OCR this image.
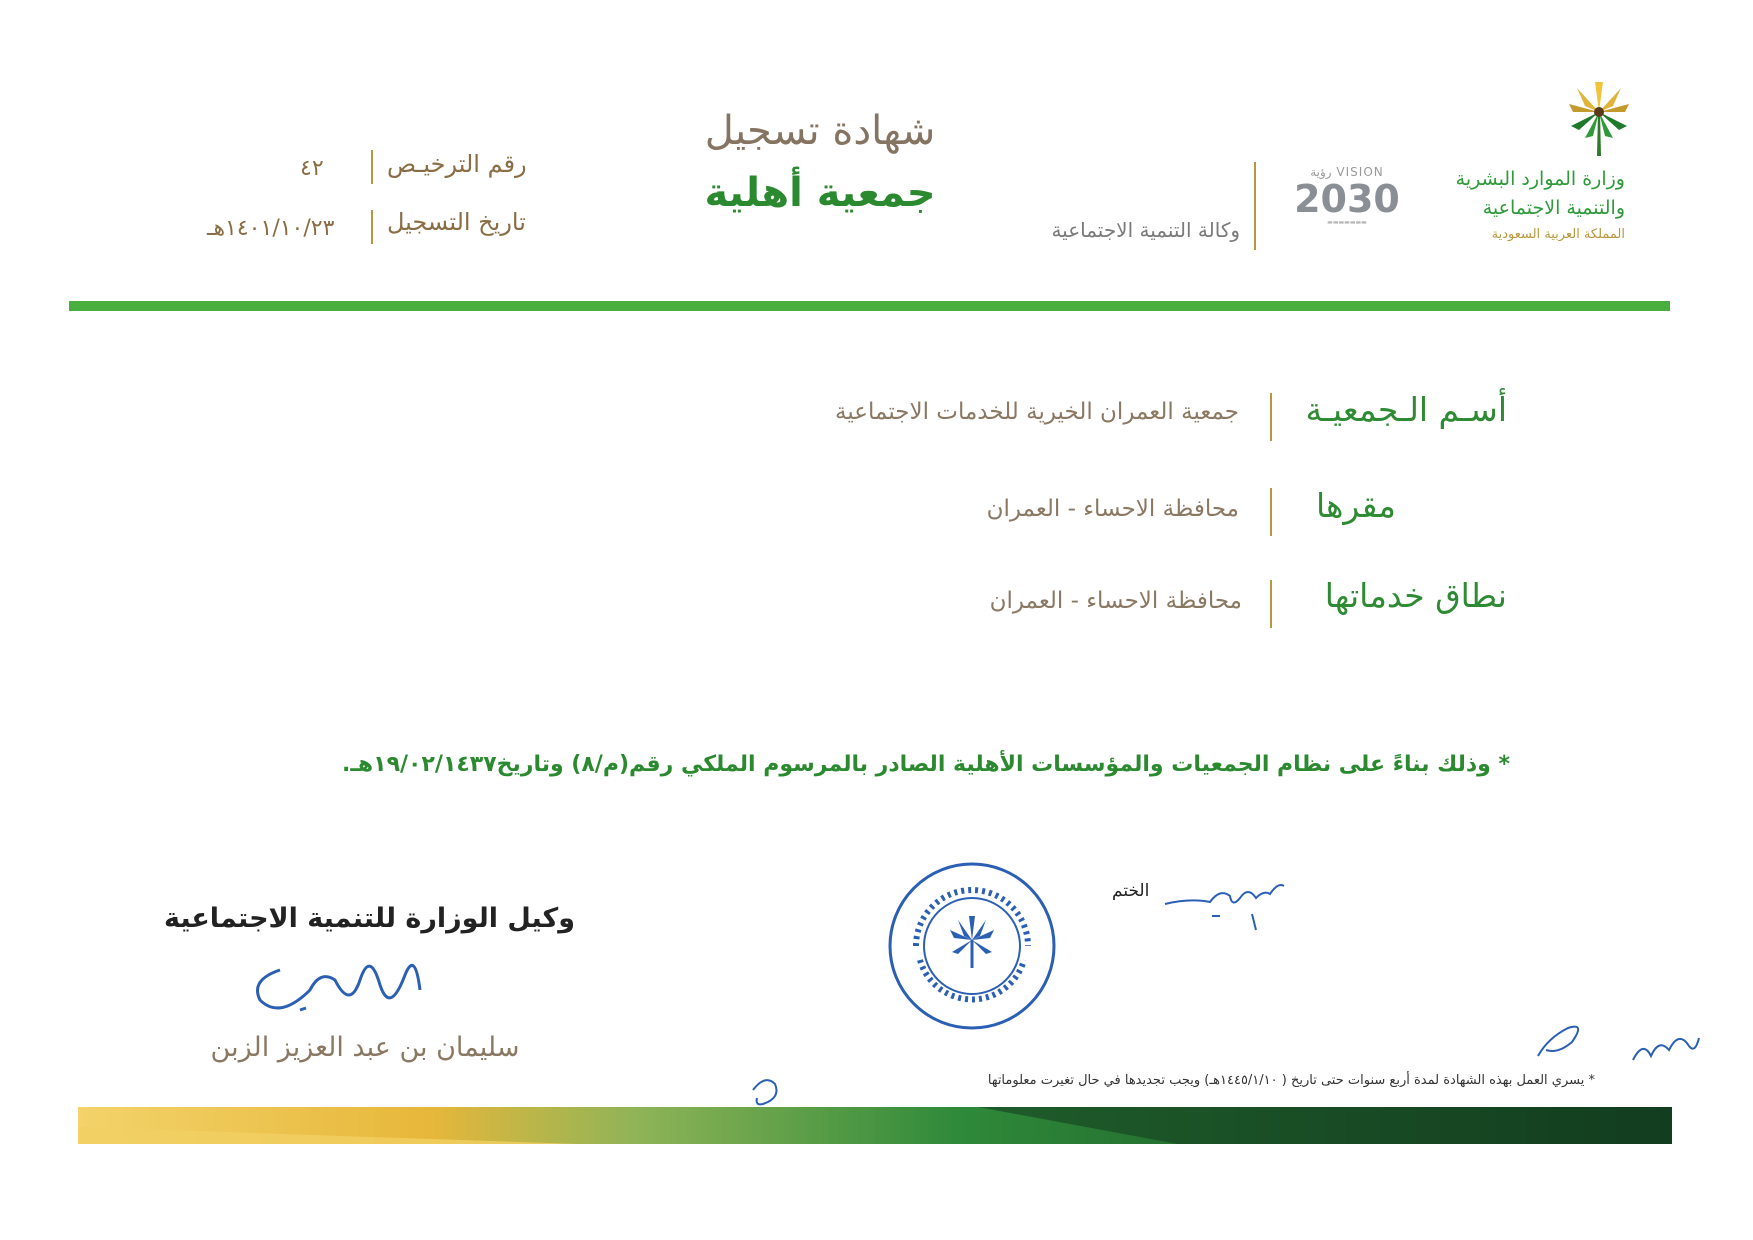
وزارة الموارد البشرية
والتنمية الاجتماعية
المملكة العربية السعودية
VISION رؤية
2030
▬▬▬▬▬▬▬
وكالة التنمية الاجتماعية
شهادة تسجيل
جمعية أهلية
رقم الترخيـص
٤٢
تاريخ التسجيل
١٤٠١/١٠/٢٣هـ
أسـم الـجمعيـة
جمعية العمران الخيرية للخدمات الاجتماعية
مقرها
محافظة الاحساء - العمران
نطاق خدماتها
محافظة الاحساء - العمران
* وذلك بناءً على نظام الجمعيات والمؤسسات الأهلية الصادر بالمرسوم الملكي رقم(م/٨) وتاريخ١٩/٠٢/١٤٣٧هـ.
الختم
وكيل الوزارة للتنمية الاجتماعية
سليمان بن عبد العزيز الزبن
* يسري العمل بهذه الشهادة لمدة أربع سنوات حتى تاريخ ( ١٤٤٥/١/١٠هـ) ويجب تجديدها في حال تغيرت معلوماتها
